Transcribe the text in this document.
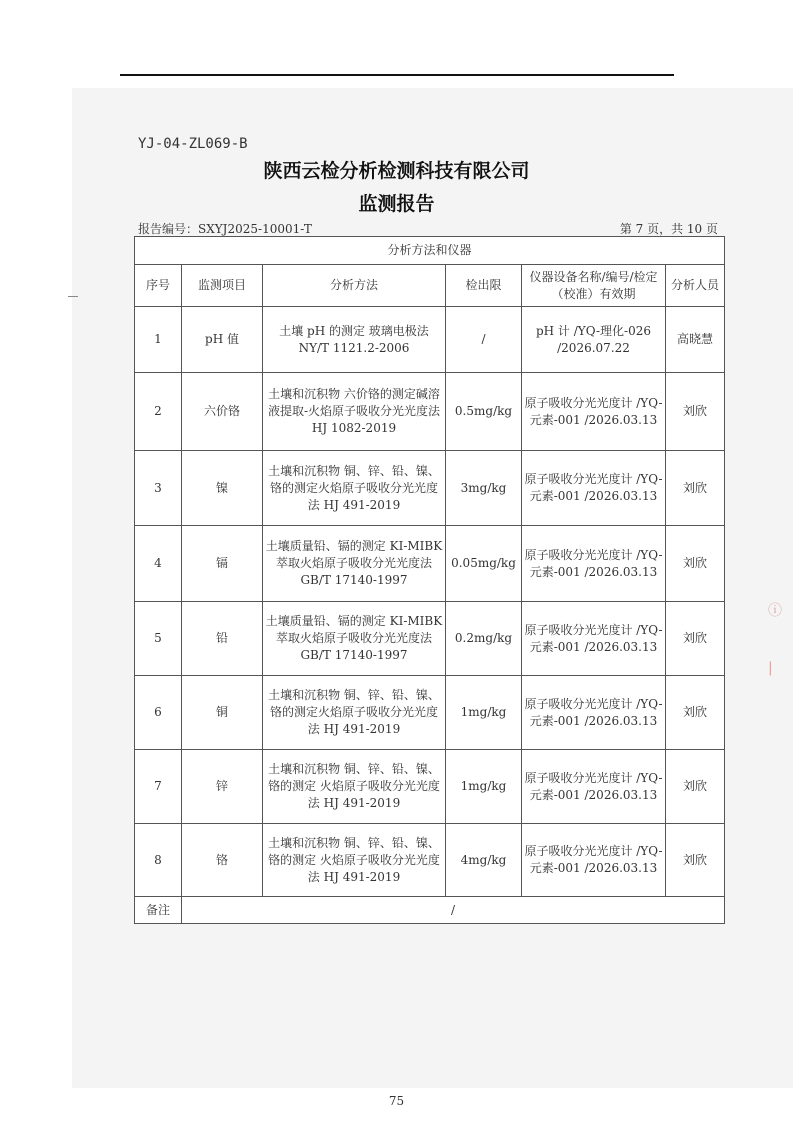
ⓘ
|
YJ-04-ZL069-B
陕西云检分析检测科技有限公司
监测报告
报告编号：SXYJ2025-10001-T	第 7 页，共 10 页
分析方法和仪器					
序号	监测项目	分析方法	检出限	仪器设备名称/编号/检定（校准）有效期	分析人员
1	pH 值	土壤 pH 的测定 玻璃电极法 NY/T 1121.2-2006	/	pH 计 /YQ-理化-026 /2026.07.22	高晓慧
2	六价铬	土壤和沉积物 六价铬的测定碱溶液提取-火焰原子吸收分光光度法 HJ 1082-2019	0.5mg/kg	原子吸收分光光度计 /YQ-元素-001 /2026.03.13	刘欣
3	镍	土壤和沉积物 铜、锌、铅、镍、铬的测定火焰原子吸收分光光度法 HJ 491-2019	3mg/kg	原子吸收分光光度计 /YQ-元素-001 /2026.03.13	刘欣
4	镉	土壤质量铅、镉的测定 KI-MIBK 萃取火焰原子吸收分光光度法 GB/T 17140-1997	0.05mg/kg	原子吸收分光光度计 /YQ-元素-001 /2026.03.13	刘欣
5	铅	土壤质量铅、镉的测定 KI-MIBK 萃取火焰原子吸收分光光度法 GB/T 17140-1997	0.2mg/kg	原子吸收分光光度计 /YQ-元素-001 /2026.03.13	刘欣
6	铜	土壤和沉积物 铜、锌、铅、镍、铬的测定火焰原子吸收分光光度法 HJ 491-2019	1mg/kg	原子吸收分光光度计 /YQ-元素-001 /2026.03.13	刘欣
7	锌	土壤和沉积物 铜、锌、铅、镍、铬的测定 火焰原子吸收分光光度法 HJ 491-2019	1mg/kg	原子吸收分光光度计 /YQ-元素-001 /2026.03.13	刘欣
8	铬	土壤和沉积物 铜、锌、铅、镍、铬的测定 火焰原子吸收分光光度法 HJ 491-2019	4mg/kg	原子吸收分光光度计 /YQ-元素-001 /2026.03.13	刘欣
备注	/				
75
